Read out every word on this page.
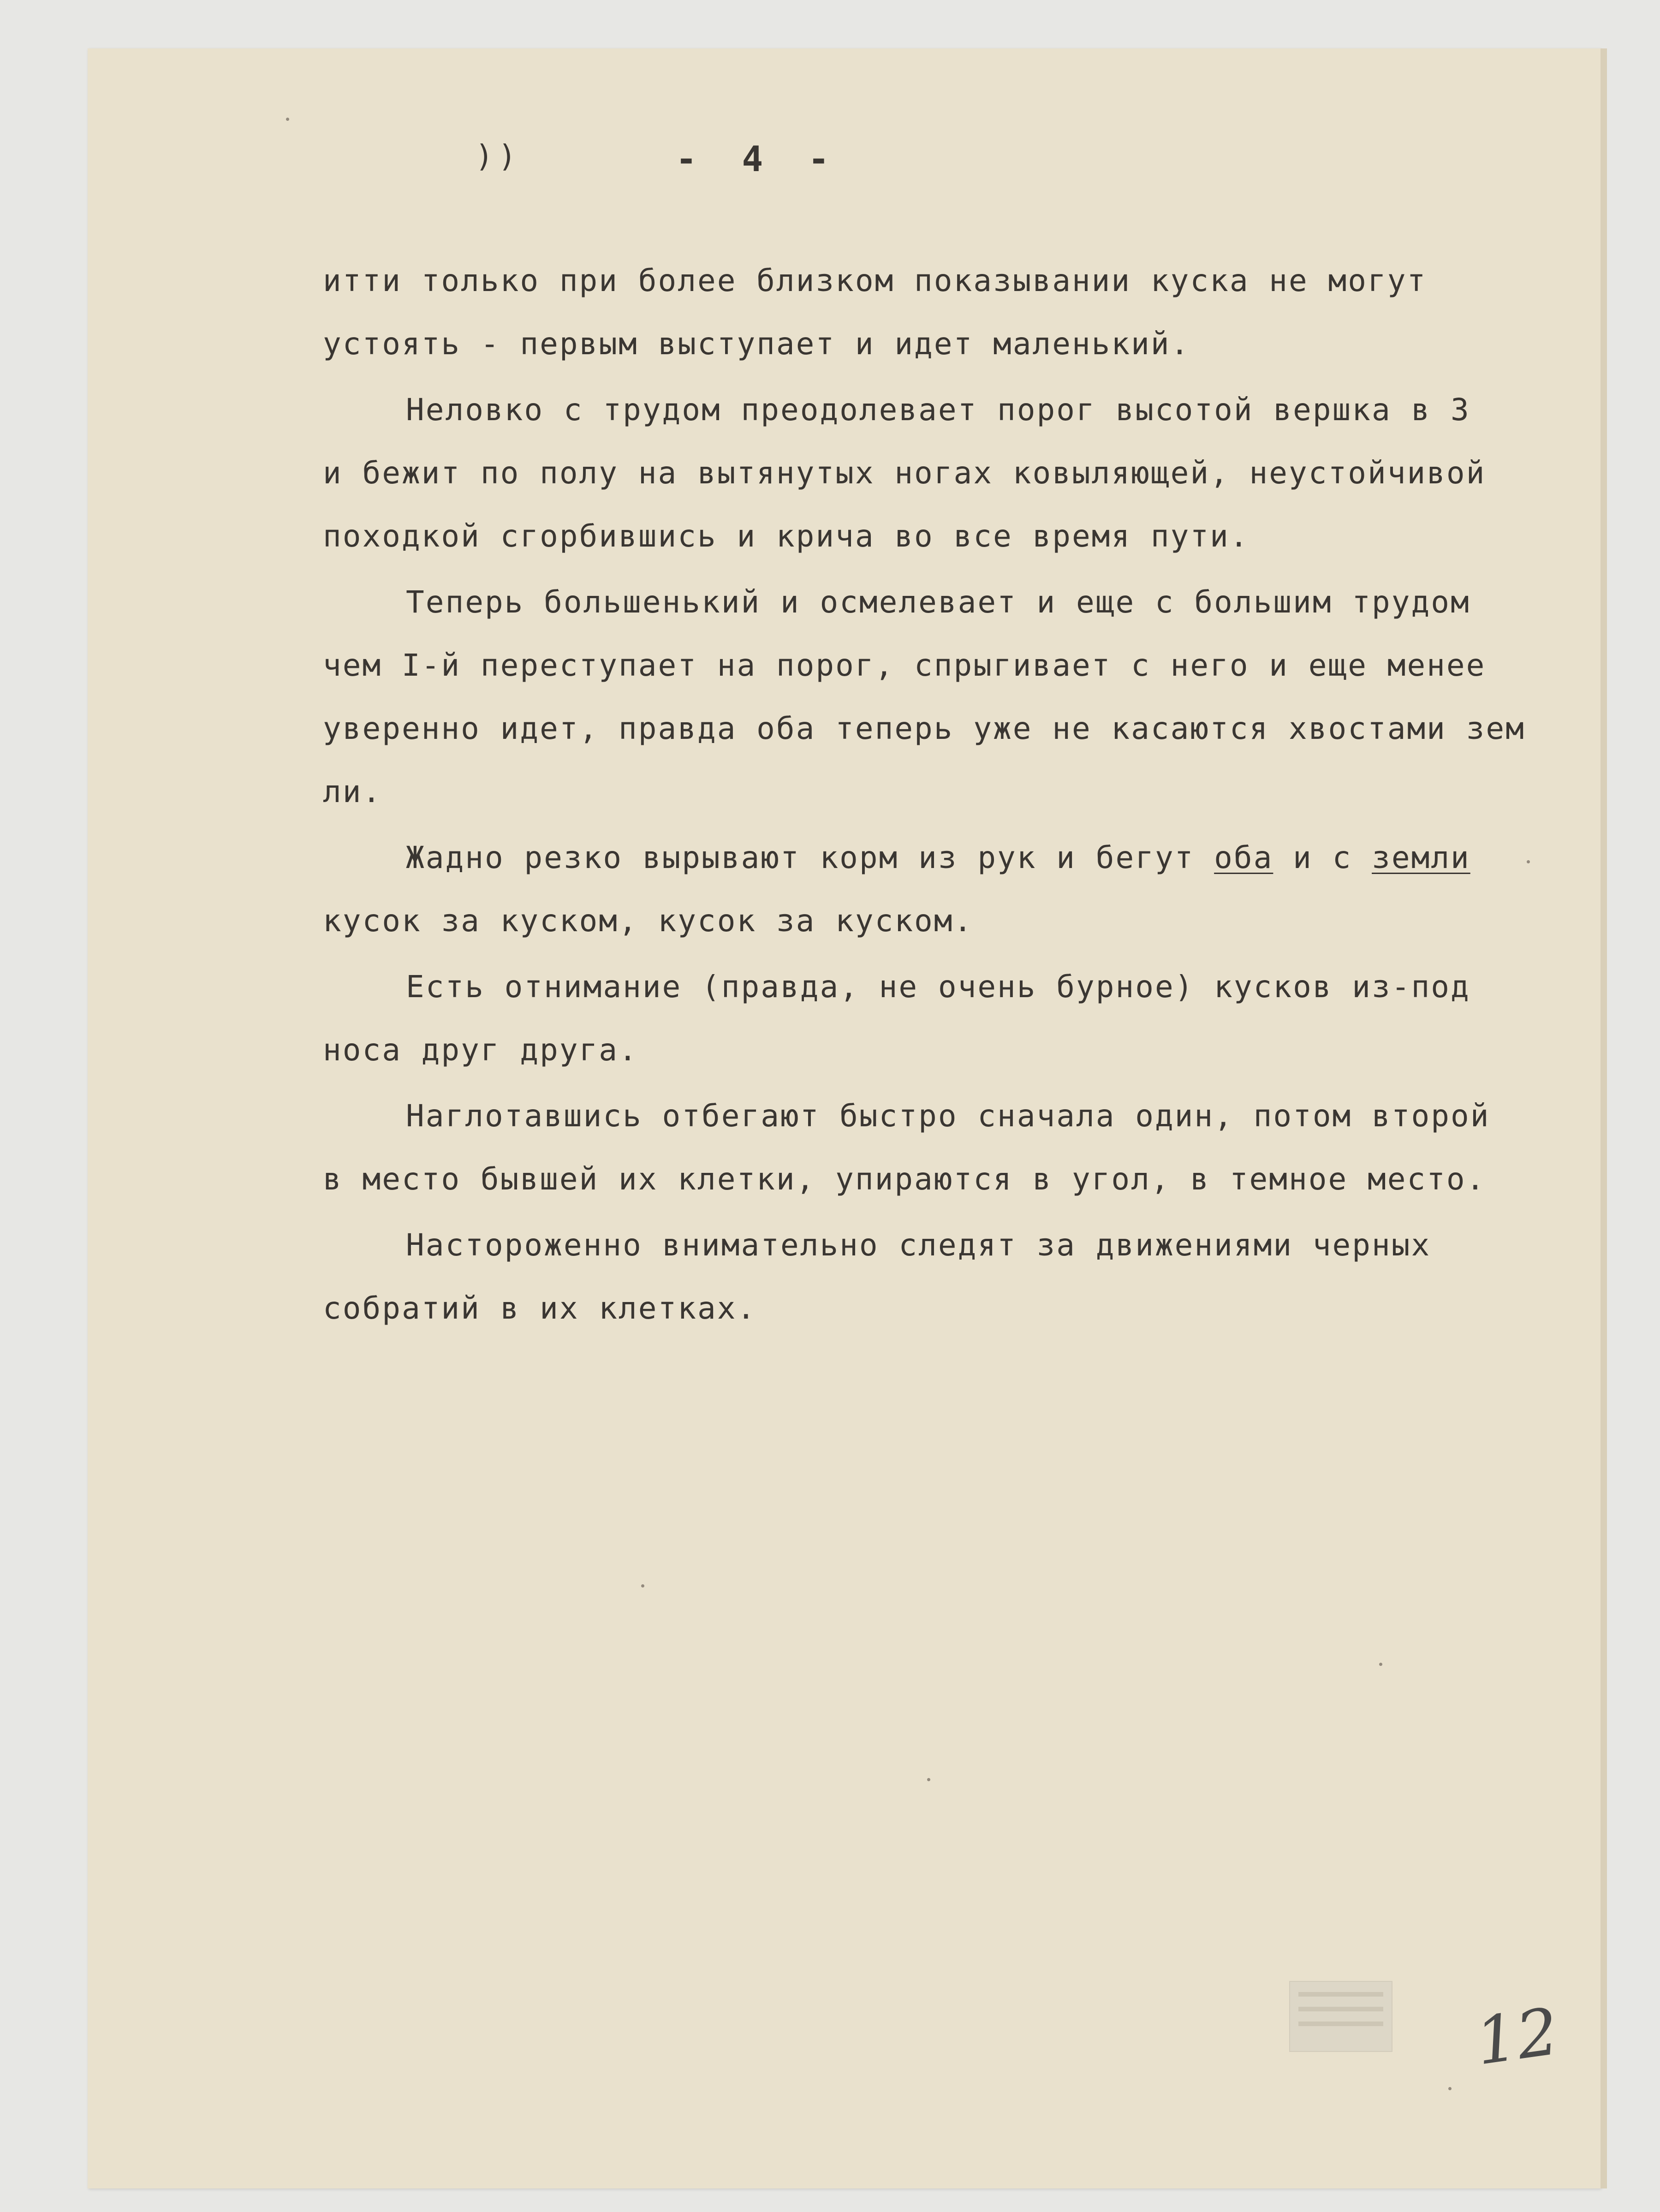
))	- 4 -
итти только при более близком показывании куска не могут
устоять - первым выступает и идет маленький.
Неловко с трудом преодолевает порог высотой вершка в 3
и бежит по полу на вытянутых ногах ковыляющей, неустойчивой
походкой сгорбившись и крича во все время пути.
Теперь большенький и осмелевает и еще с большим трудом
чем I-й переступает на порог, спрыгивает с него и еще менее
уверенно идет, правда оба теперь уже не касаются хвостами зем
ли.
Жадно резко вырывают корм из рук и бегут оба и с земли
кусок за куском, кусок за куском.
Есть отнимание (правда, не очень бурное) кусков из-под
носа друг друга.
Наглотавшись отбегают быстро сначала один, потом второй
в место бывшей их клетки, упираются в угол, в темное место.
Настороженно внимательно следят за движениями черных
собратий в их клетках.
12
